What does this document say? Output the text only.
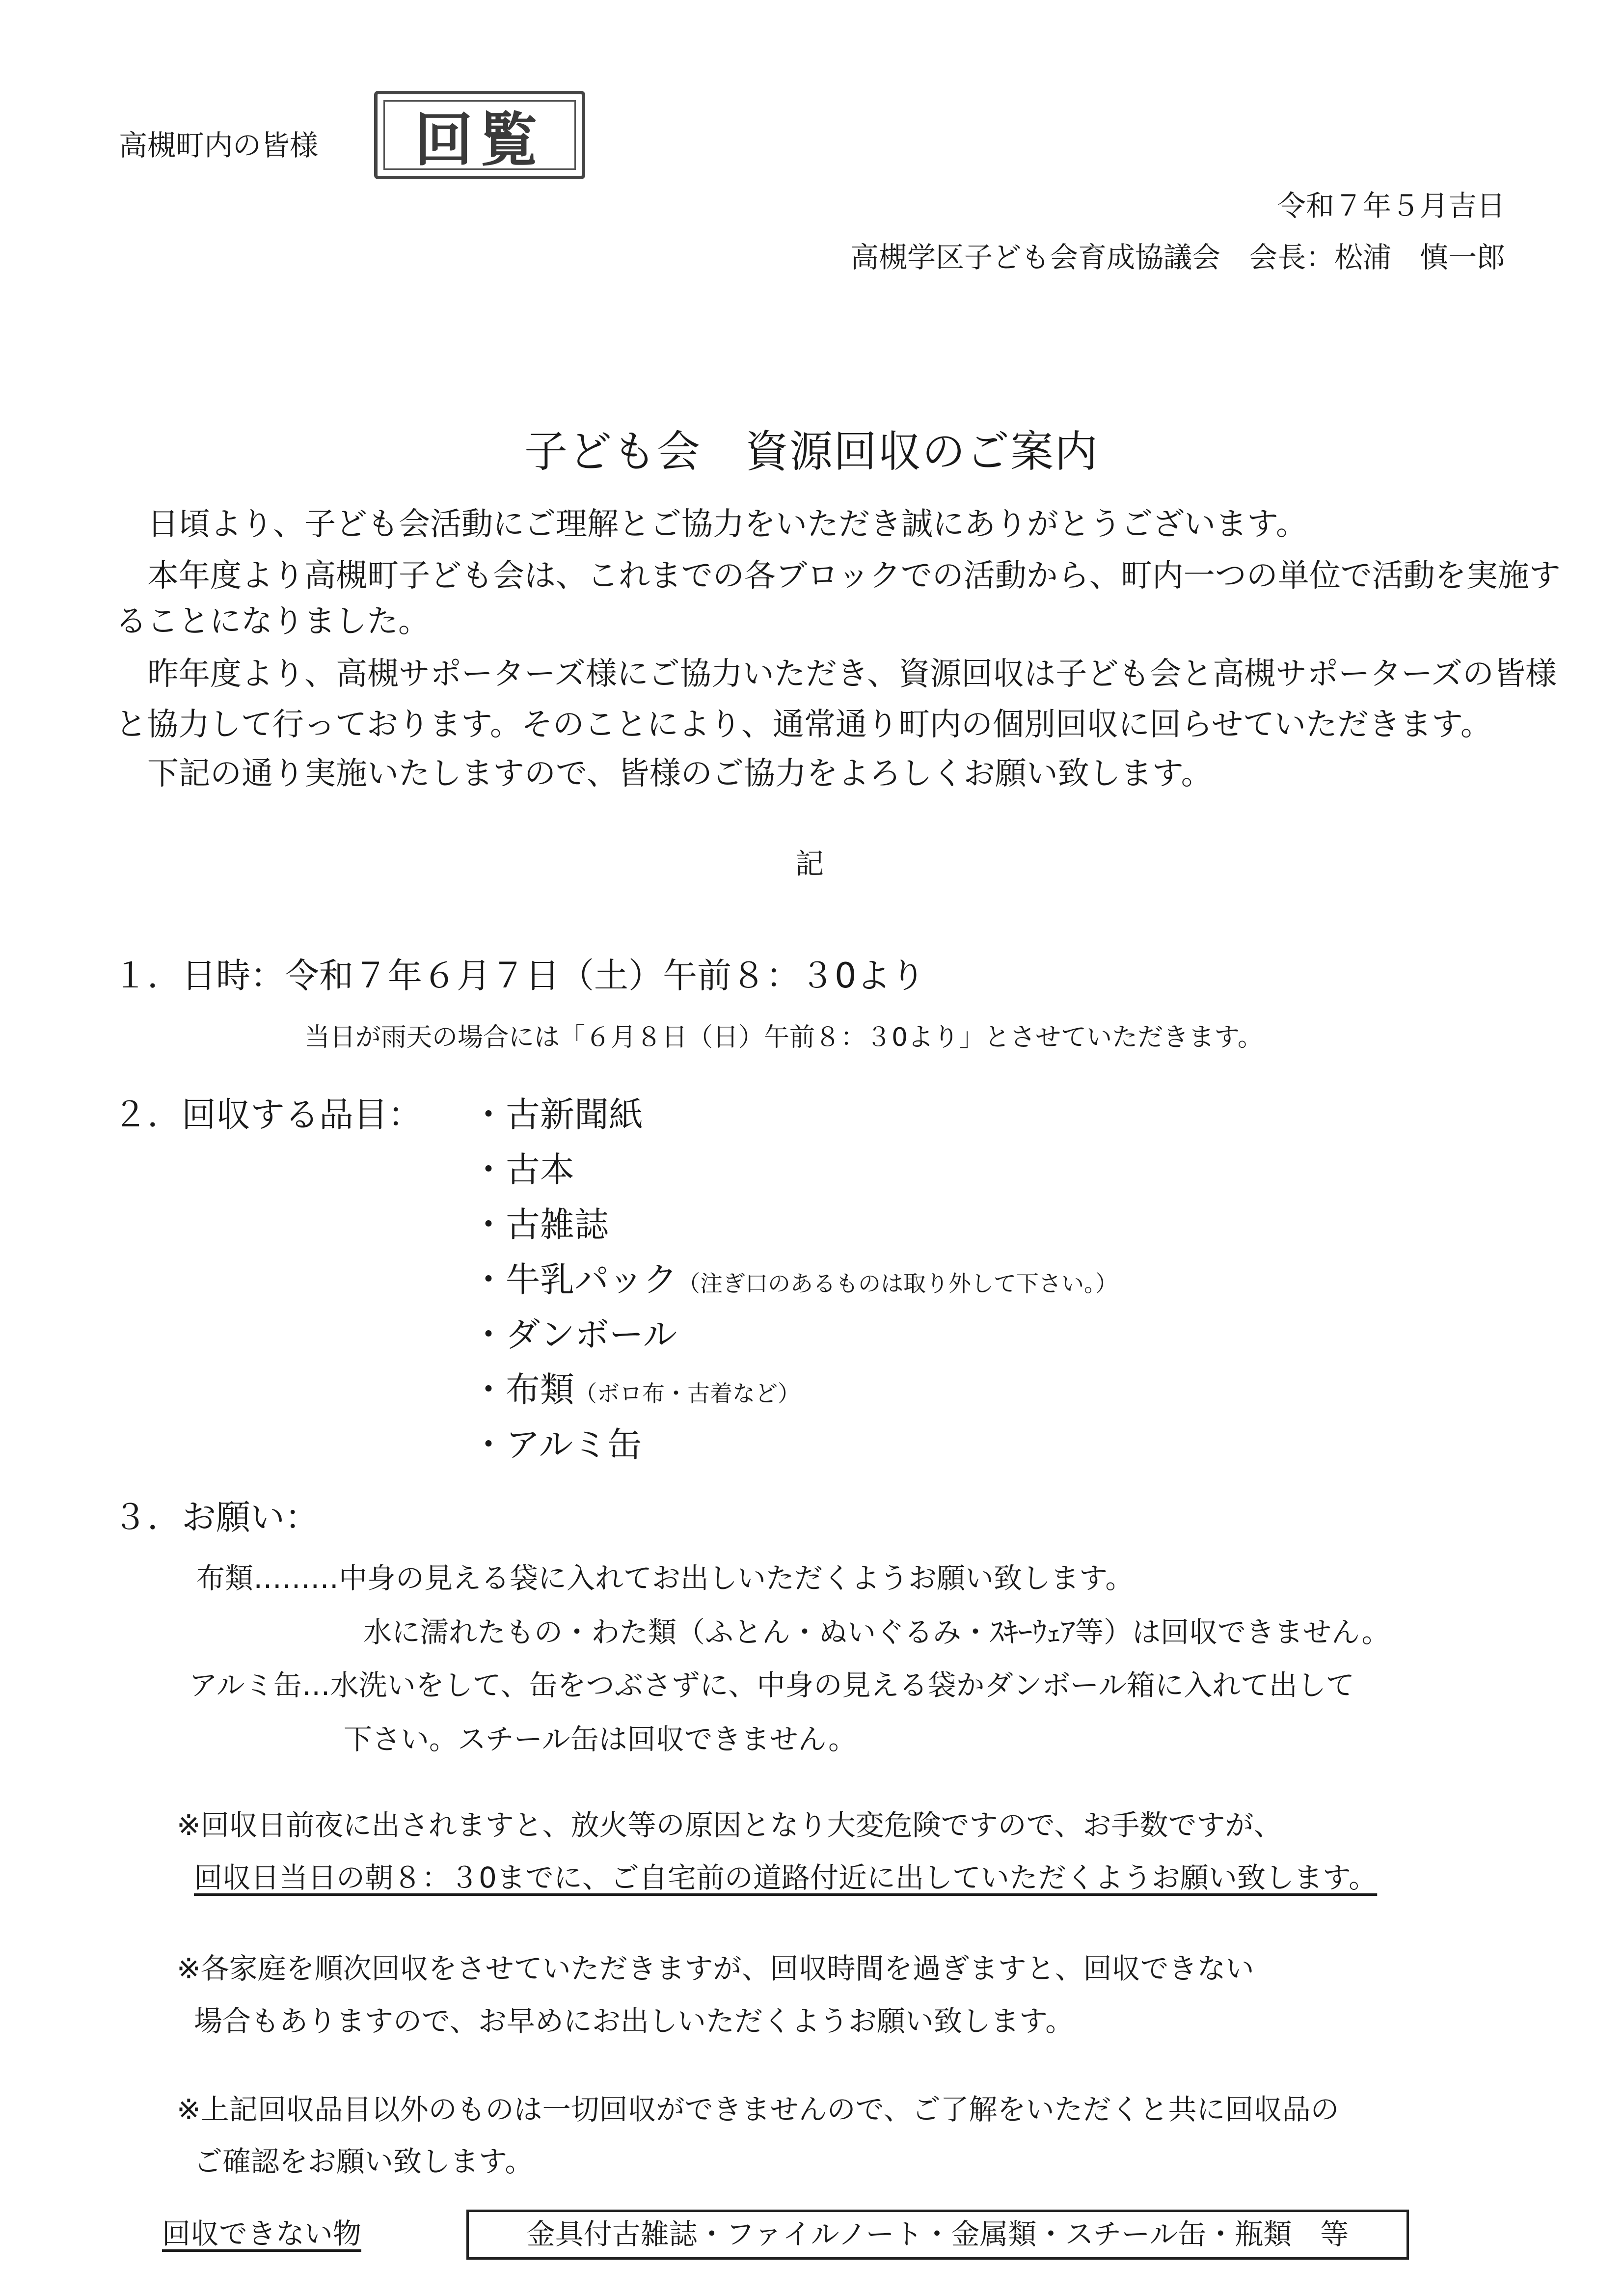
高槻町内の皆様	回覧
令和７年５月吉日
高槻学区子ども会育成協議会　会長：松浦　慎一郎
子ども会　資源回収のご案内
日頃より、子ども会活動にご理解とご協力をいただき誠にありがとうございます。
本年度より高槻町子ども会は、これまでの各ブロックでの活動から、町内一つの単位で活動を実施す
ることになりました。
昨年度より、高槻サポーターズ様にご協力いただき、資源回収は子ども会と高槻サポーターズの皆様
と協力して行っております。そのことにより、通常通り町内の個別回収に回らせていただきます。
下記の通り実施いたしますので、皆様のご協力をよろしくお願い致します。
記
１．日時：令和７年６月７日（土）午前８：３0より
当日が雨天の場合には「６月８日（日）午前８：３0より」とさせていただきます。
２．回収する品目： ・古新聞紙
・古本
・古雑誌
・牛乳パック（注ぎ口のあるものは取り外して下さい。）
・ダンボール
・布類（ボロ布・古着など）
・アルミ缶
３．お願い：
布類………中身の見える袋に入れてお出しいただくようお願い致します。
水に濡れたもの・わた類（ふとん・ぬいぐるみ・ｽｷｰｳｪｱ等）は回収できません。
アルミ缶…水洗いをして、缶をつぶさずに、中身の見える袋かダンボール箱に入れて出して
下さい。スチール缶は回収できません。
※回収日前夜に出されますと、放火等の原因となり大変危険ですので、お手数ですが、
回収日当日の朝８：３0までに、ご自宅前の道路付近に出していただくようお願い致します。
※各家庭を順次回収をさせていただきますが、回収時間を過ぎますと、回収できない
場合もありますので、お早めにお出しいただくようお願い致します。
※上記回収品目以外のものは一切回収ができませんので、ご了解をいただくと共に回収品の
ご確認をお願い致します。
回収できない物	金具付古雑誌・ファイルノート・金属類・スチール缶・瓶類　等
